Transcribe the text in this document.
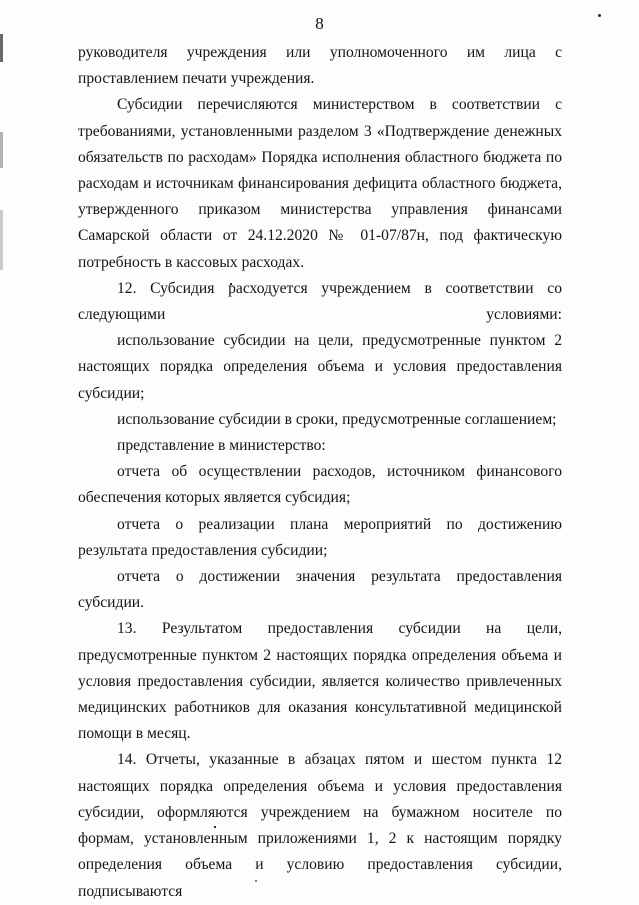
8

руководителя учреждения или уполномоченного им лица с проставлением печати учреждения.

Субсидии перечисляются министерством в соответствии с требованиями, установленными разделом 3 «Подтверждение денежных обязательств по расходам» Порядка исполнения областного бюджета по расходам и источникам финансирования дефицита областного бюджета, утвержденного приказом министерства управления финансами Самарской области от 24.12.2020 № 01-07/87н, под фактическую потребность в кассовых расходах.

12. Субсидия расходуется учреждением в соответствии со следующими условиями:

использование субсидии на цели, предусмотренные пунктом 2 настоящих порядка определения объема и условия предоставления субсидии;

использование субсидии в сроки, предусмотренные соглашением;

представление в министерство:

отчета об осуществлении расходов, источником финансового обеспечения которых является субсидия;

отчета о реализации плана мероприятий по достижению результата предоставления субсидии;

отчета о достижении значения результата предоставления субсидии.

13. Результатом предоставления субсидии на цели, предусмотренные пунктом 2 настоящих порядка определения объема и условия предоставления субсидии, является количество привлеченных медицинских работников для оказания консультативной медицинской помощи в месяц.

14. Отчеты, указанные в абзацах пятом и шестом пункта 12 настоящих порядка определения объема и условия предоставления субсидии, оформляются учреждением на бумажном носителе по формам, установленным приложениями 1, 2 к настоящим порядку определения объема и условию предоставления субсидии, подписываются
